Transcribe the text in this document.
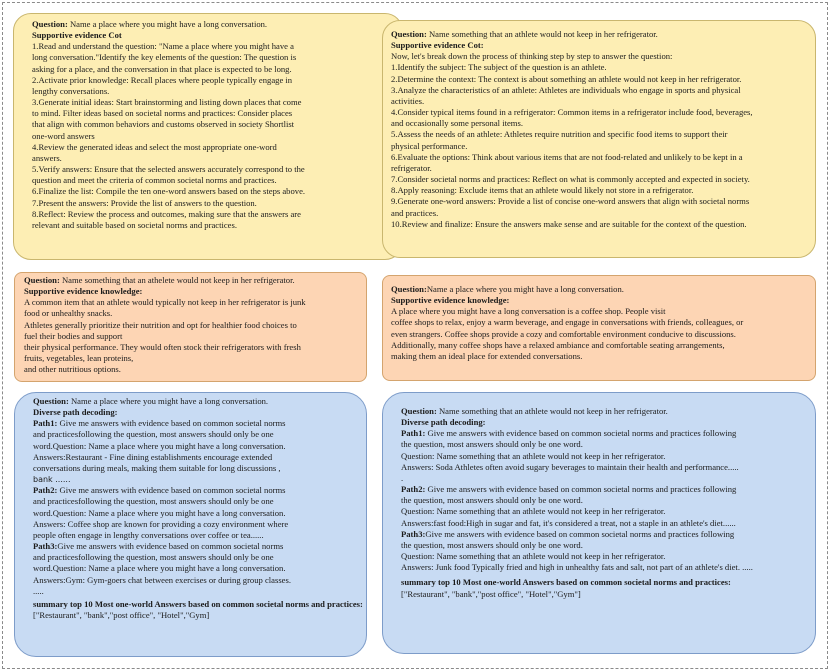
Question: Name a place where you might have a long conversation.
Supportive evidence Cot
1.Read and understand the question: "Name a place where you might have a
long conversation."Identify the key elements of the question: The question is
asking for a place, and the conversation in that place is expected to be long.
2.Activate prior knowledge: Recall places where people typically engage in
lengthy conversations.
3.Generate initial ideas: Start brainstorming and listing down places that come
to mind. Filter ideas based on societal norms and practices: Consider places
that align with common behaviors and customs observed in society Shortlist
one-word answers
4.Review the generated ideas and select the most appropriate one-word
answers.
5.Verify answers: Ensure that the selected answers accurately correspond to the
question and meet the criteria of common societal norms and practices.
6.Finalize the list: Compile the ten one-word answers based on the steps above.
7.Present the answers: Provide the list of answers to the question.
8.Reflect: Review the process and outcomes, making sure that the answers are
relevant and suitable based on societal norms and practices.
Question: Name something that an athlete would not keep in her refrigerator.
Supportive evidence Cot:
Now, let's break down the process of thinking step by step to answer the question:
1.Identify the subject: The subject of the question is an athlete.
2.Determine the context: The context is about something an athlete would not keep in her refrigerator.
3.Analyze the characteristics of an athlete: Athletes are individuals who engage in sports and physical
activities.
4.Consider typical items found in a refrigerator: Common items in a refrigerator include food, beverages,
and occasionally some personal items.
5.Assess the needs of an athlete: Athletes require nutrition and specific food items to support their
physical performance.
6.Evaluate the options: Think about various items that are not food-related and unlikely to be kept in a
refrigerator.
7.Consider societal norms and practices: Reflect on what is commonly accepted and expected in society.
8.Apply reasoning: Exclude items that an athlete would likely not store in a refrigerator.
9.Generate one-word answers: Provide a list of concise one-word answers that align with societal norms
and practices.
10.Review and finalize: Ensure the answers make sense and are suitable for the context of the question.
Question: Name something that an athelete would not keep in her refrigerator.
Supportive evidence knowledge:
A common item that an athlete would typically not keep in her refrigerator is junk
food or unhealthy snacks.
Athletes generally prioritize their nutrition and opt for healthier food choices to
fuel their bodies and support
their physical performance. They would often stock their refrigerators with fresh
fruits, vegetables, lean proteins,
and other nutritious options.
Question:Name a place where you might have a long conversation.
Supportive evidence knowledge:
A place where you might have a long conversation is a coffee shop. People visit
coffee shops to relax, enjoy a warm beverage, and engage in conversations with friends, colleagues, or
even strangers. Coffee shops provide a cozy and comfortable environment conducive to discussions.
Additionally, many coffee shops have a relaxed ambiance and comfortable seating arrangements,
making them an ideal place for extended conversations.
Question: Name a place where you might have a long conversation.
Diverse path decoding:
Path1: Give me answers with evidence based on common societal norms
and practicesfollowing the question, most answers should only be one
word.Question: Name a place where you might have a long conversation.
Answers:Restaurant - Fine dining establishments encourage extended
conversations during meals, making them suitable for long discussions ,
bank ......
Path2: Give me answers with evidence based on common societal norms
and practicesfollowing the question, most answers should only be one
word.Question: Name a place where you might have a long conversation.
Answers: Coffee shop are known for providing a cozy environment where
people often engage in lengthy conversations over coffee or tea......
Path3:Give me answers with evidence based on common societal norms
and practicesfollowing the question, most answers should only be one
word.Question: Name a place where you might have a long conversation.
Answers:Gym: Gym-goers chat between exercises or during group classes.
.....
summary top 10 Most one-world Answers based on common societal norms and practices:["Restaurant", "bank","post office", "Hotel","Gym]
Question: Name something that an athlete would not keep in her refrigerator.
Diverse path decoding:
Path1: Give me answers with evidence based on common societal norms and practices following
the question, most answers should only be one word.
Question: Name something that an athlete would not keep in her refrigerator.
Answers: Soda Athletes often avoid sugary beverages to maintain their health and performance.....
.
Path2: Give me answers with evidence based on common societal norms and practices following
the question, most answers should only be one word.
Question: Name something that an athlete would not keep in her refrigerator.
Answers:fast food:High in sugar and fat, it's considered a treat, not a staple in an athlete's diet......
Path3:Give me answers with evidence based on common societal norms and practices following
the question, most answers should only be one word.
Question: Name something that an athlete would not keep in her refrigerator.
Answers: Junk food Typically fried and high in unhealthy fats and salt, not part of an athlete's diet. .....
summary top 10 Most one-world Answers based on common societal norms and practices:
["Restaurant", "bank","post office", "Hotel","Gym"]
